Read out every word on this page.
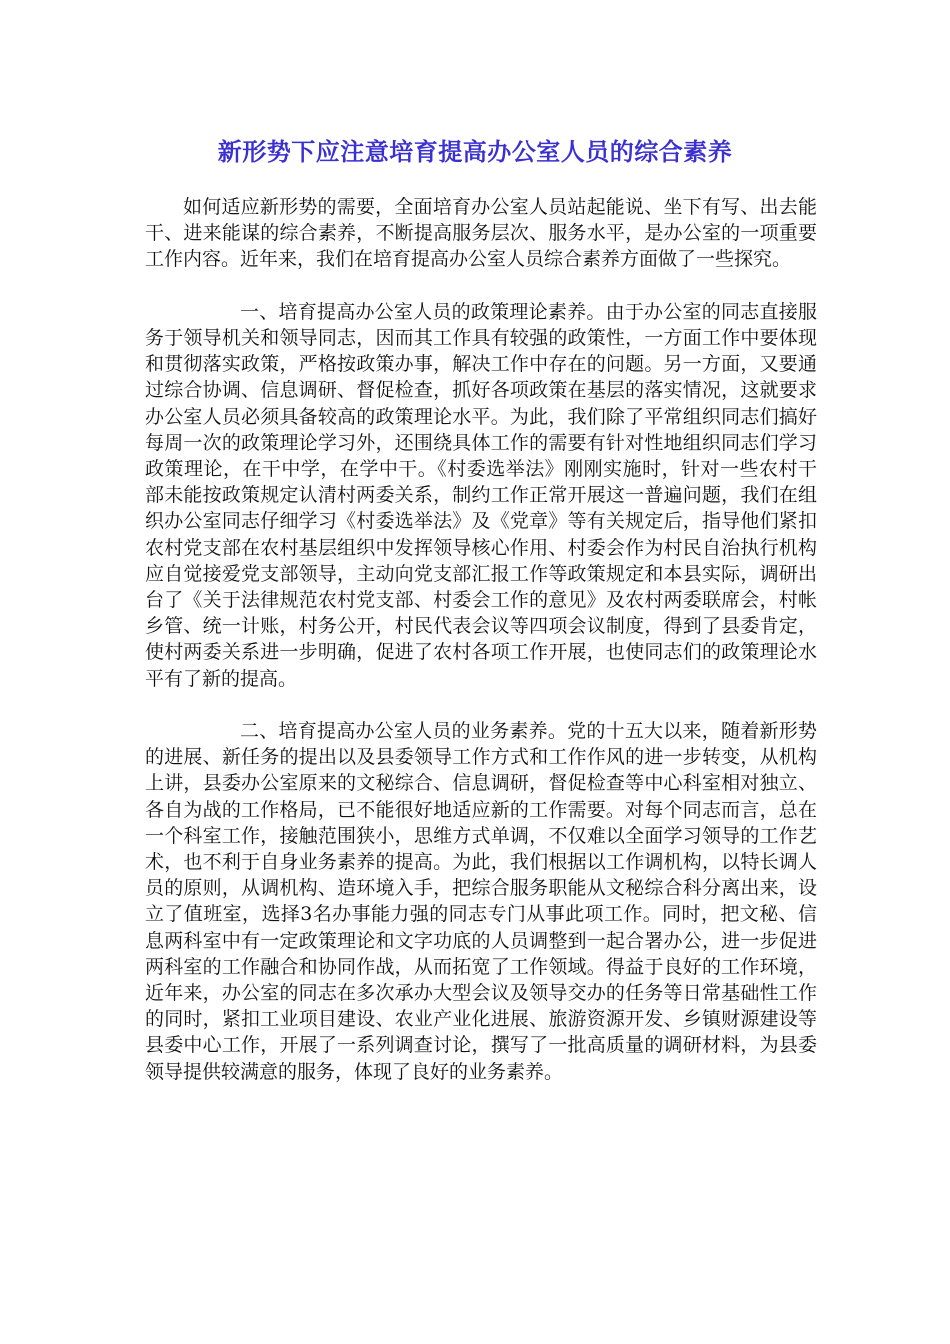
新形势下应注意培育提高办公室人员的综合素养

如何适应新形势的需要，全面培育办公室人员站起能说、坐下有写、出去能干、进来能谋的综合素养，不断提高服务层次、服务水平，是办公室的一项重要工作内容。近年来，我们在培育提高办公室人员综合素养方面做了一些探究。

一、培育提高办公室人员的政策理论素养。由于办公室的同志直接服务于领导机关和领导同志，因而其工作具有较强的政策性，一方面工作中要体现和贯彻落实政策，严格按政策办事，解决工作中存在的问题。另一方面，又要通过综合协调、信息调研、督促检查，抓好各项政策在基层的落实情况，这就要求办公室人员必须具备较高的政策理论水平。为此，我们除了平常组织同志们搞好每周一次的政策理论学习外，还围绕具体工作的需要有针对性地组织同志们学习政策理论，在干中学，在学中干。《村委选举法》刚刚实施时，针对一些农村干部未能按政策规定认清村两委关系，制约工作正常开展这一普遍问题，我们在组织办公室同志仔细学习《村委选举法》及《党章》等有关规定后，指导他们紧扣农村党支部在农村基层组织中发挥领导核心作用、村委会作为村民自治执行机构应自觉接爱党支部领导，主动向党支部汇报工作等政策规定和本县实际，调研出台了《关于法律规范农村党支部、村委会工作的意见》及农村两委联席会，村帐乡管、统一计账，村务公开，村民代表会议等四项会议制度，得到了县委肯定，使村两委关系进一步明确，促进了农村各项工作开展，也使同志们的政策理论水平有了新的提高。

二、培育提高办公室人员的业务素养。党的十五大以来，随着新形势的进展、新任务的提出以及县委领导工作方式和工作作风的进一步转变，从机构上讲，县委办公室原来的文秘综合、信息调研，督促检查等中心科室相对独立、各自为战的工作格局，已不能很好地适应新的工作需要。对每个同志而言，总在一个科室工作，接触范围狭小，思维方式单调，不仅难以全面学习领导的工作艺术，也不利于自身业务素养的提高。为此，我们根据以工作调机构，以特长调人员的原则，从调机构、造环境入手，把综合服务职能从文秘综合科分离出来，设立了值班室，选择3名办事能力强的同志专门从事此项工作。同时，把文秘、信息两科室中有一定政策理论和文字功底的人员调整到一起合署办公，进一步促进两科室的工作融合和协同作战，从而拓宽了工作领域。得益于良好的工作环境，近年来，办公室的同志在多次承办大型会议及领导交办的任务等日常基础性工作的同时，紧扣工业项目建设、农业产业化进展、旅游资源开发、乡镇财源建设等县委中心工作，开展了一系列调查讨论，撰写了一批高质量的调研材料，为县委领导提供较满意的服务，体现了良好的业务素养。
